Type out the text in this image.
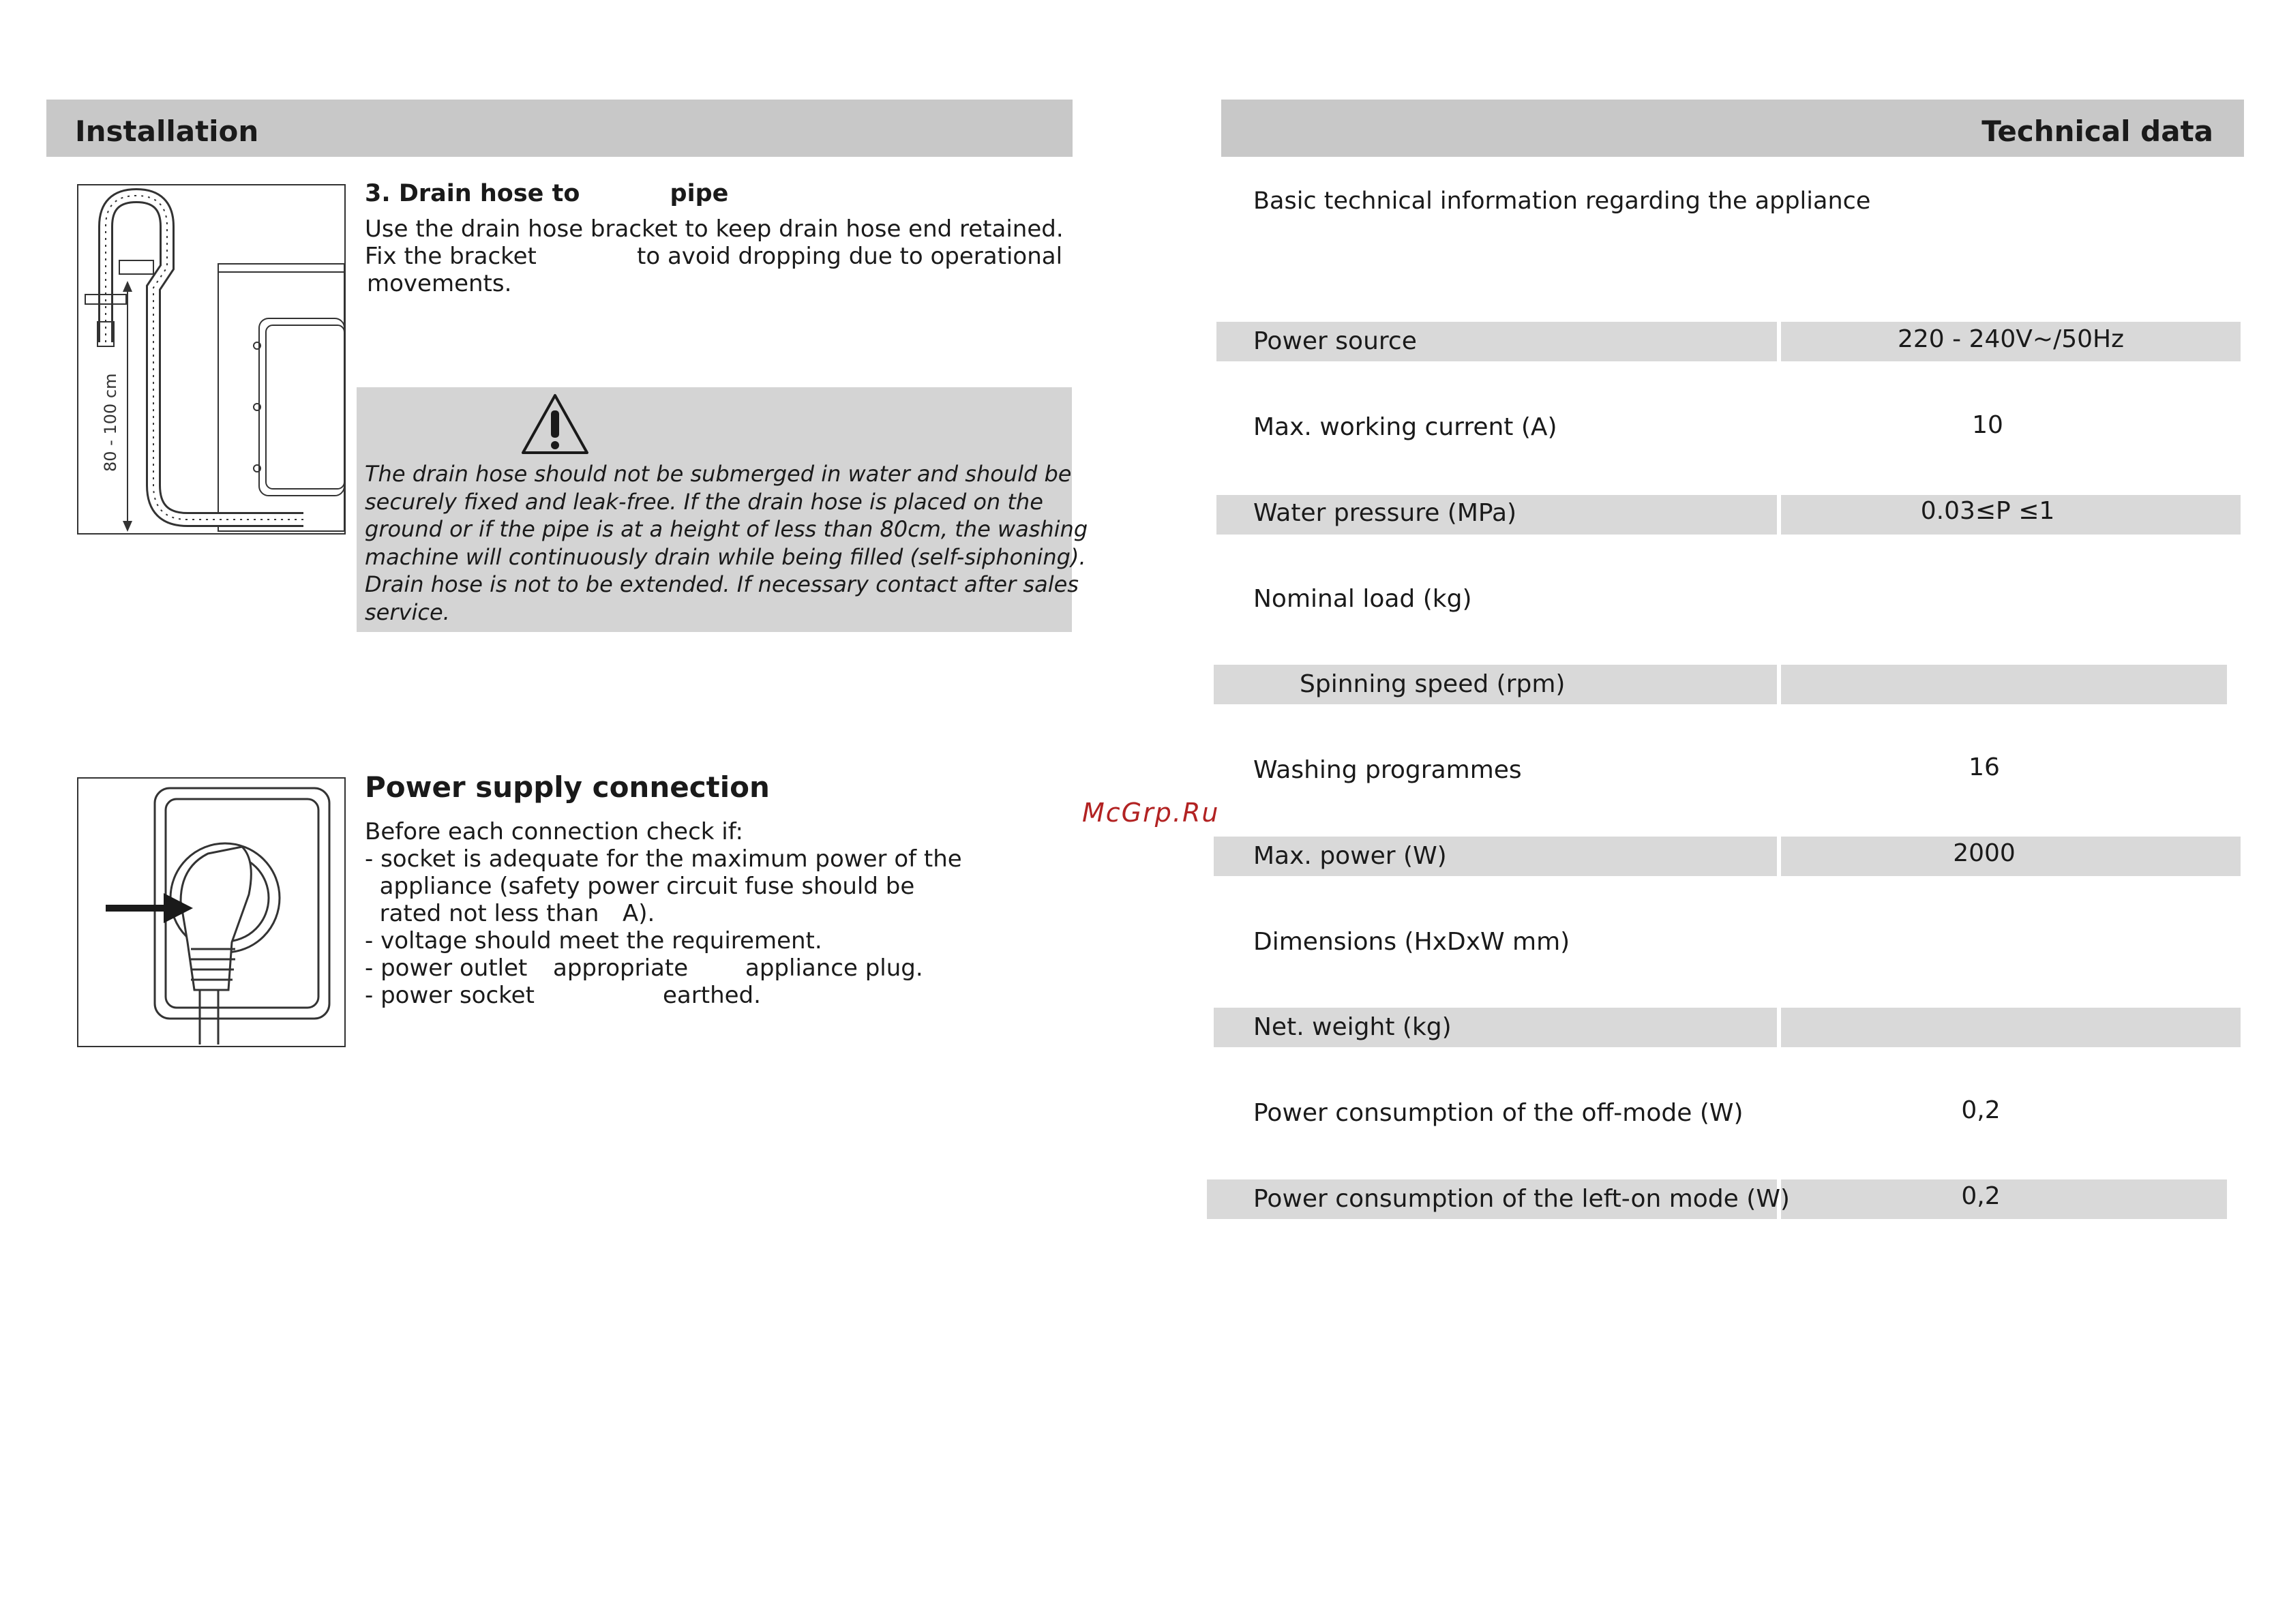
Installation
80 - 100 cm
3. Drain hose to	pipe
Use the drain hose bracket to keep drain hose end retained.
Fix the bracket	to avoid dropping due to operational
movements.
The drain hose should not be submerged in water and should be
securely fixed and leak-free. If the drain hose is placed on the
ground or if the pipe is at a height of less than 80cm, the washing
machine will continuously drain while being filled (self-siphoning).
Drain hose is not to be extended. If necessary contact after sales
service.
Power supply connection
Before each connection check if:
- socket is adequate for the maximum power of the
appliance (safety power circuit fuse should be
rated not less than A).
- voltage should meet the requirement.
- power outlet appropriate appliance plug.
- power socket	earthed.
McGrp.Ru
Technical data
Basic technical information regarding the appliance
Power source	220 - 240V~/50Hz
Max. working current (A)	10
Water pressure (MPa)	0.03≤P ≤1
Nominal load (kg)
Spinning speed (rpm)
Washing programmes	16
Max. power (W)	2000
Dimensions (HxDxW mm)
Net. weight (kg)
Power consumption of the off-mode (W)	0,2
Power consumption of the left-on mode (W)	0,2
